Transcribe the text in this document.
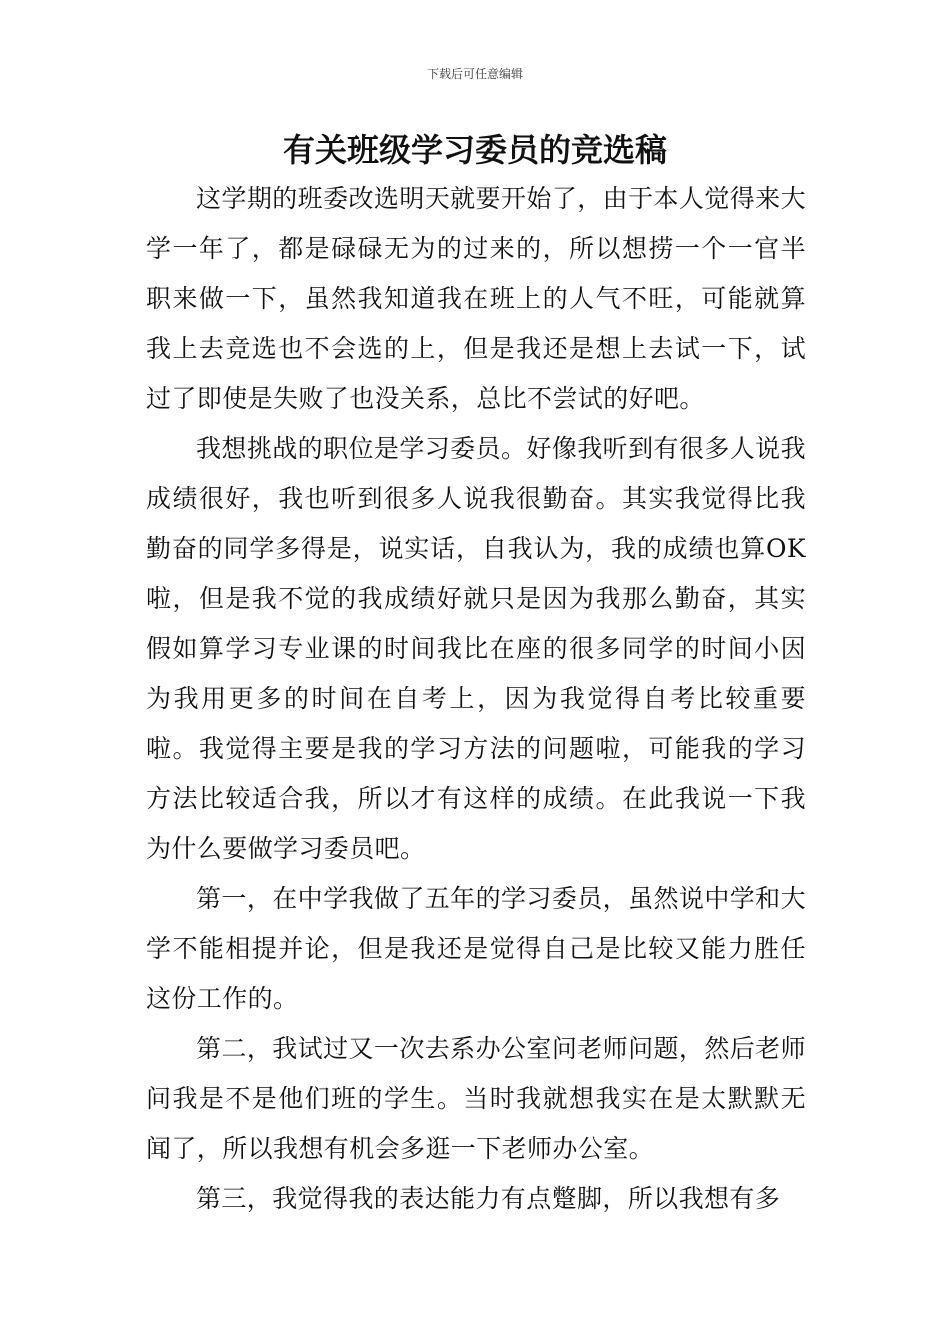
下载后可任意编辑
有关班级学习委员的竞选稿

这学期的班委改选明天就要开始了，由于本人觉得来大学一年了，都是碌碌无为的过来的，所以想捞一个一官半职来做一下，虽然我知道我在班上的人气不旺，可能就算我上去竞选也不会选的上，但是我还是想上去试一下，试过了即使是失败了也没关系，总比不尝试的好吧。

我想挑战的职位是学习委员。好像我听到有很多人说我成绩很好，我也听到很多人说我很勤奋。其实我觉得比我勤奋的同学多得是，说实话，自我认为，我的成绩也算OK啦，但是我不觉的我成绩好就只是因为我那么勤奋，其实假如算学习专业课的时间我比在座的很多同学的时间小因为我用更多的时间在自考上，因为我觉得自考比较重要啦。我觉得主要是我的学习方法的问题啦，可能我的学习方法比较适合我，所以才有这样的成绩。在此我说一下我为什么要做学习委员吧。

第一，在中学我做了五年的学习委员，虽然说中学和大学不能相提并论，但是我还是觉得自己是比较又能力胜任这份工作的。

第二，我试过又一次去系办公室问老师问题，然后老师问我是不是他们班的学生。当时我就想我实在是太默默无闻了，所以我想有机会多逛一下老师办公室。

第三，我觉得我的表达能力有点蹩脚，所以我想有多
